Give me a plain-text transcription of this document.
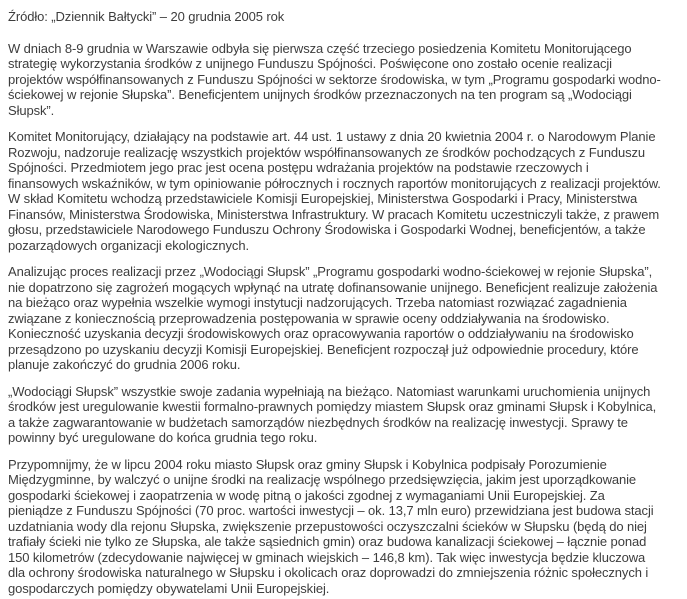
Źródło: „Dziennik Bałtycki” – 20 grudnia 2005 rok

W dniach 8-9 grudnia w Warszawie odbyła się pierwsza część trzeciego posiedzenia Komitetu Monitorującego strategię wykorzystania środków z unijnego Funduszu Spójności. Poświęcone ono zostało ocenie realizacji projektów współfinansowanych z Funduszu Spójności w sektorze środowiska, w tym „Programu gospodarki wodno-ściekowej w rejonie Słupska”. Beneficjentem unijnych środków przeznaczonych na ten program są „Wodociągi Słupsk”.

Komitet Monitorujący, działający na podstawie art. 44 ust. 1 ustawy z dnia 20 kwietnia 2004 r. o Narodowym Planie Rozwoju, nadzoruje realizację wszystkich projektów współfinansowanych ze środków pochodzących z Funduszu Spójności. Przedmiotem jego prac jest ocena postępu wdrażania projektów na podstawie rzeczowych i finansowych wskaźników, w tym opiniowanie półrocznych i rocznych raportów monitorujących z realizacji projektów. W skład Komitetu wchodzą przedstawiciele Komisji Europejskiej, Ministerstwa Gospodarki i Pracy, Ministerstwa Finansów, Ministerstwa Środowiska, Ministerstwa Infrastruktury. W pracach Komitetu uczestniczyli także, z prawem głosu, przedstawiciele Narodowego Funduszu Ochrony Środowiska i Gospodarki Wodnej, beneficjentów, a także pozarządowych organizacji ekologicznych.

Analizując proces realizacji przez „Wodociągi Słupsk” „Programu gospodarki wodno-ściekowej w rejonie Słupska”, nie dopatrzono się zagrożeń mogących wpłynąć na utratę dofinansowanie unijnego. Beneficjent realizuje założenia na bieżąco oraz wypełnia wszelkie wymogi instytucji nadzorujących. Trzeba natomiast rozwiązać zagadnienia związane z koniecznością przeprowadzenia postępowania w sprawie oceny oddziaływania na środowisko. Konieczność uzyskania decyzji środowiskowych oraz opracowywania raportów o oddziaływaniu na środowisko przesądzono po uzyskaniu decyzji Komisji Europejskiej. Beneficjent rozpoczął już odpowiednie procedury, które planuje zakończyć do grudnia 2006 roku.

„Wodociągi Słupsk” wszystkie swoje zadania wypełniają na bieżąco. Natomiast warunkami uruchomienia unijnych środków jest uregulowanie kwestii formalno-prawnych pomiędzy miastem Słupsk oraz gminami Słupsk i Kobylnica, a także zagwarantowanie w budżetach samorządów niezbędnych środków na realizację inwestycji. Sprawy te powinny być uregulowane do końca grudnia tego roku.

Przypomnijmy, że w lipcu 2004 roku miasto Słupsk oraz gminy Słupsk i Kobylnica podpisały Porozumienie Międzygminne, by walczyć o unijne środki na realizację wspólnego przedsięwzięcia, jakim jest uporządkowanie gospodarki ściekowej i zaopatrzenia w wodę pitną o jakości zgodnej z wymaganiami Unii Europejskiej. Za pieniądze z Funduszu Spójności (70 proc. wartości inwestycji – ok. 13,7 mln euro) przewidziana jest budowa stacji uzdatniania wody dla rejonu Słupska, zwiększenie przepustowości oczyszczalni ścieków w Słupsku (będą do niej trafiały ścieki nie tylko ze Słupska, ale także sąsiednich gmin) oraz budowa kanalizacji ściekowej – łącznie ponad 150 kilometrów (zdecydowanie najwięcej w gminach wiejskich – 146,8 km). Tak więc inwestycja będzie kluczowa dla ochrony środowiska naturalnego w Słupsku i okolicach oraz doprowadzi do zmniejszenia różnic społecznych i gospodarczych pomiędzy obywatelami Unii Europejskiej.
